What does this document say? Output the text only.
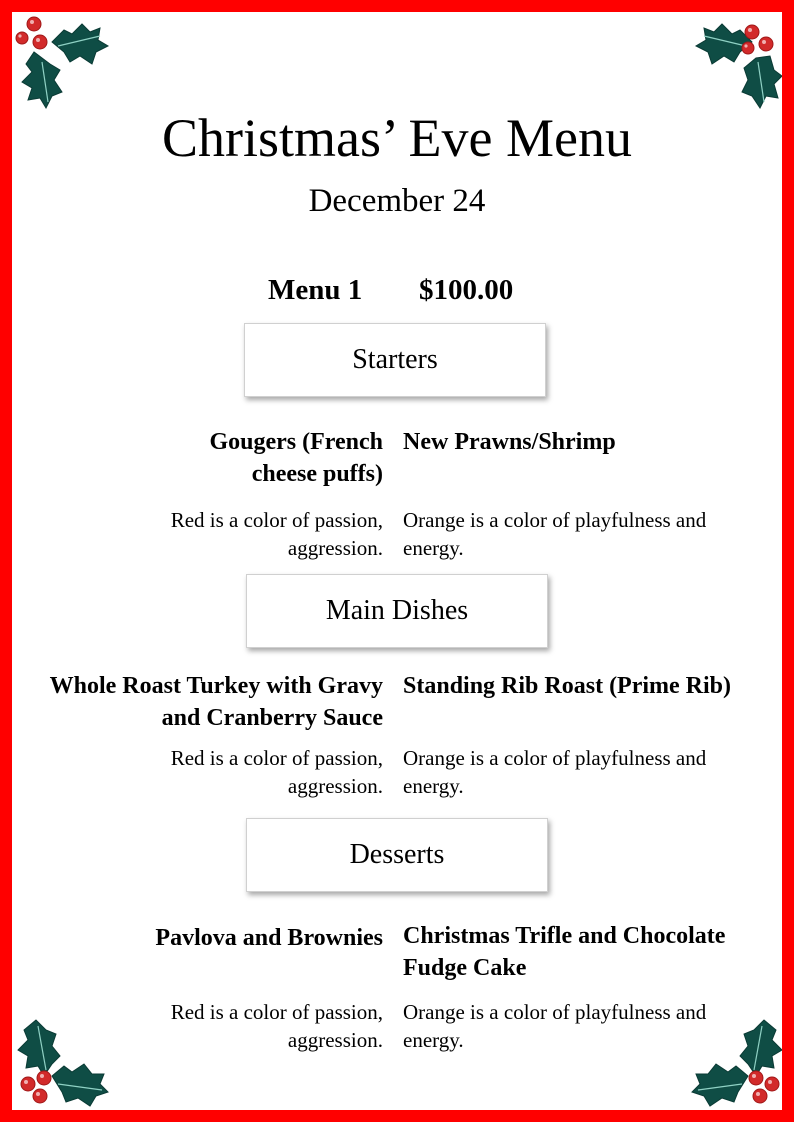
Christmas’ Eve Menu
December 24
Menu 1 $100.00
Starters
Gougers (French cheese puffs)
New Prawns/Shrimp
Red is a color of passion, aggression.
Orange is a color of playfulness and energy.
Main Dishes
Whole Roast Turkey with Gravy and Cranberry Sauce
Standing Rib Roast (Prime Rib)
Red is a color of passion, aggression.
Orange is a color of playfulness and energy.
Desserts
Pavlova and Brownies Christmas Trifle and Chocolate Fudge Cake
Red is a color of passion, aggression.
Orange is a color of playfulness and energy.
